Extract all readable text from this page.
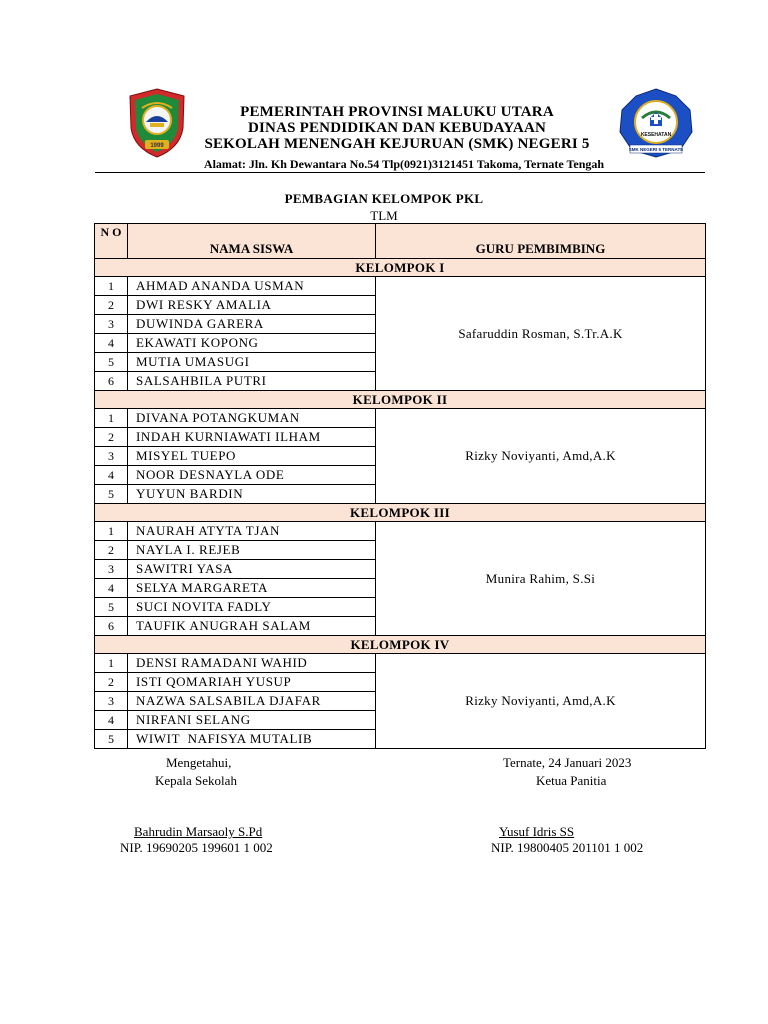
1999
KESEHATAN
SMK NEGERI 5 TERNATE
PEMERINTAH PROVINSI MALUKU UTARA
DINAS PENDIDIKAN DAN KEBUDAYAAN
SEKOLAH MENENGAH KEJURUAN (SMK) NEGERI 5
Alamat: Jln. Kh Dewantara No.54 Tlp(0921)3121451 Takoma, Ternate Tengah
PEMBAGIAN KELOMPOK PKL
TLM
N O	NAMA SISWA	GURU PEMBIMBING
KELOMPOK I		
1	AHMAD ANANDA USMAN	Safaruddin Rosman, S.Tr.A.K
2	DWI RESKY AMALIA	
3	DUWINDA GARERA	
4	EKAWATI KOPONG	
5	MUTIA UMASUGI	
6	SALSAHBILA PUTRI	
KELOMPOK II		
1	DIVANA POTANGKUMAN	Rizky Noviyanti, Amd,A.K
2	INDAH KURNIAWATI ILHAM	
3	MISYEL TUEPO	
4	NOOR DESNAYLA ODE	
5	YUYUN BARDIN	
KELOMPOK III		
1	NAURAH ATYTA TJAN	Munira Rahim, S.Si
2	NAYLA I. REJEB	
3	SAWITRI YASA	
4	SELYA MARGARETA	
5	SUCI NOVITA FADLY	
6	TAUFIK ANUGRAH SALAM	
KELOMPOK IV		
1	DENSI RAMADANI WAHID	Rizky Noviyanti, Amd,A.K
2	ISTI QOMARIAH YUSUP	
3	NAZWA SALSABILA DJAFAR	
4	NIRFANI SELANG	
5	WIWIT  NAFISYA MUTALIB	
Mengetahui,
Kepala Sekolah
Bahrudin Marsaoly S.Pd
NIP. 19690205 199601 1 002
Ternate, 24 Januari 2023
Ketua Panitia
Yusuf Idris SS
NIP. 19800405 201101 1 002
